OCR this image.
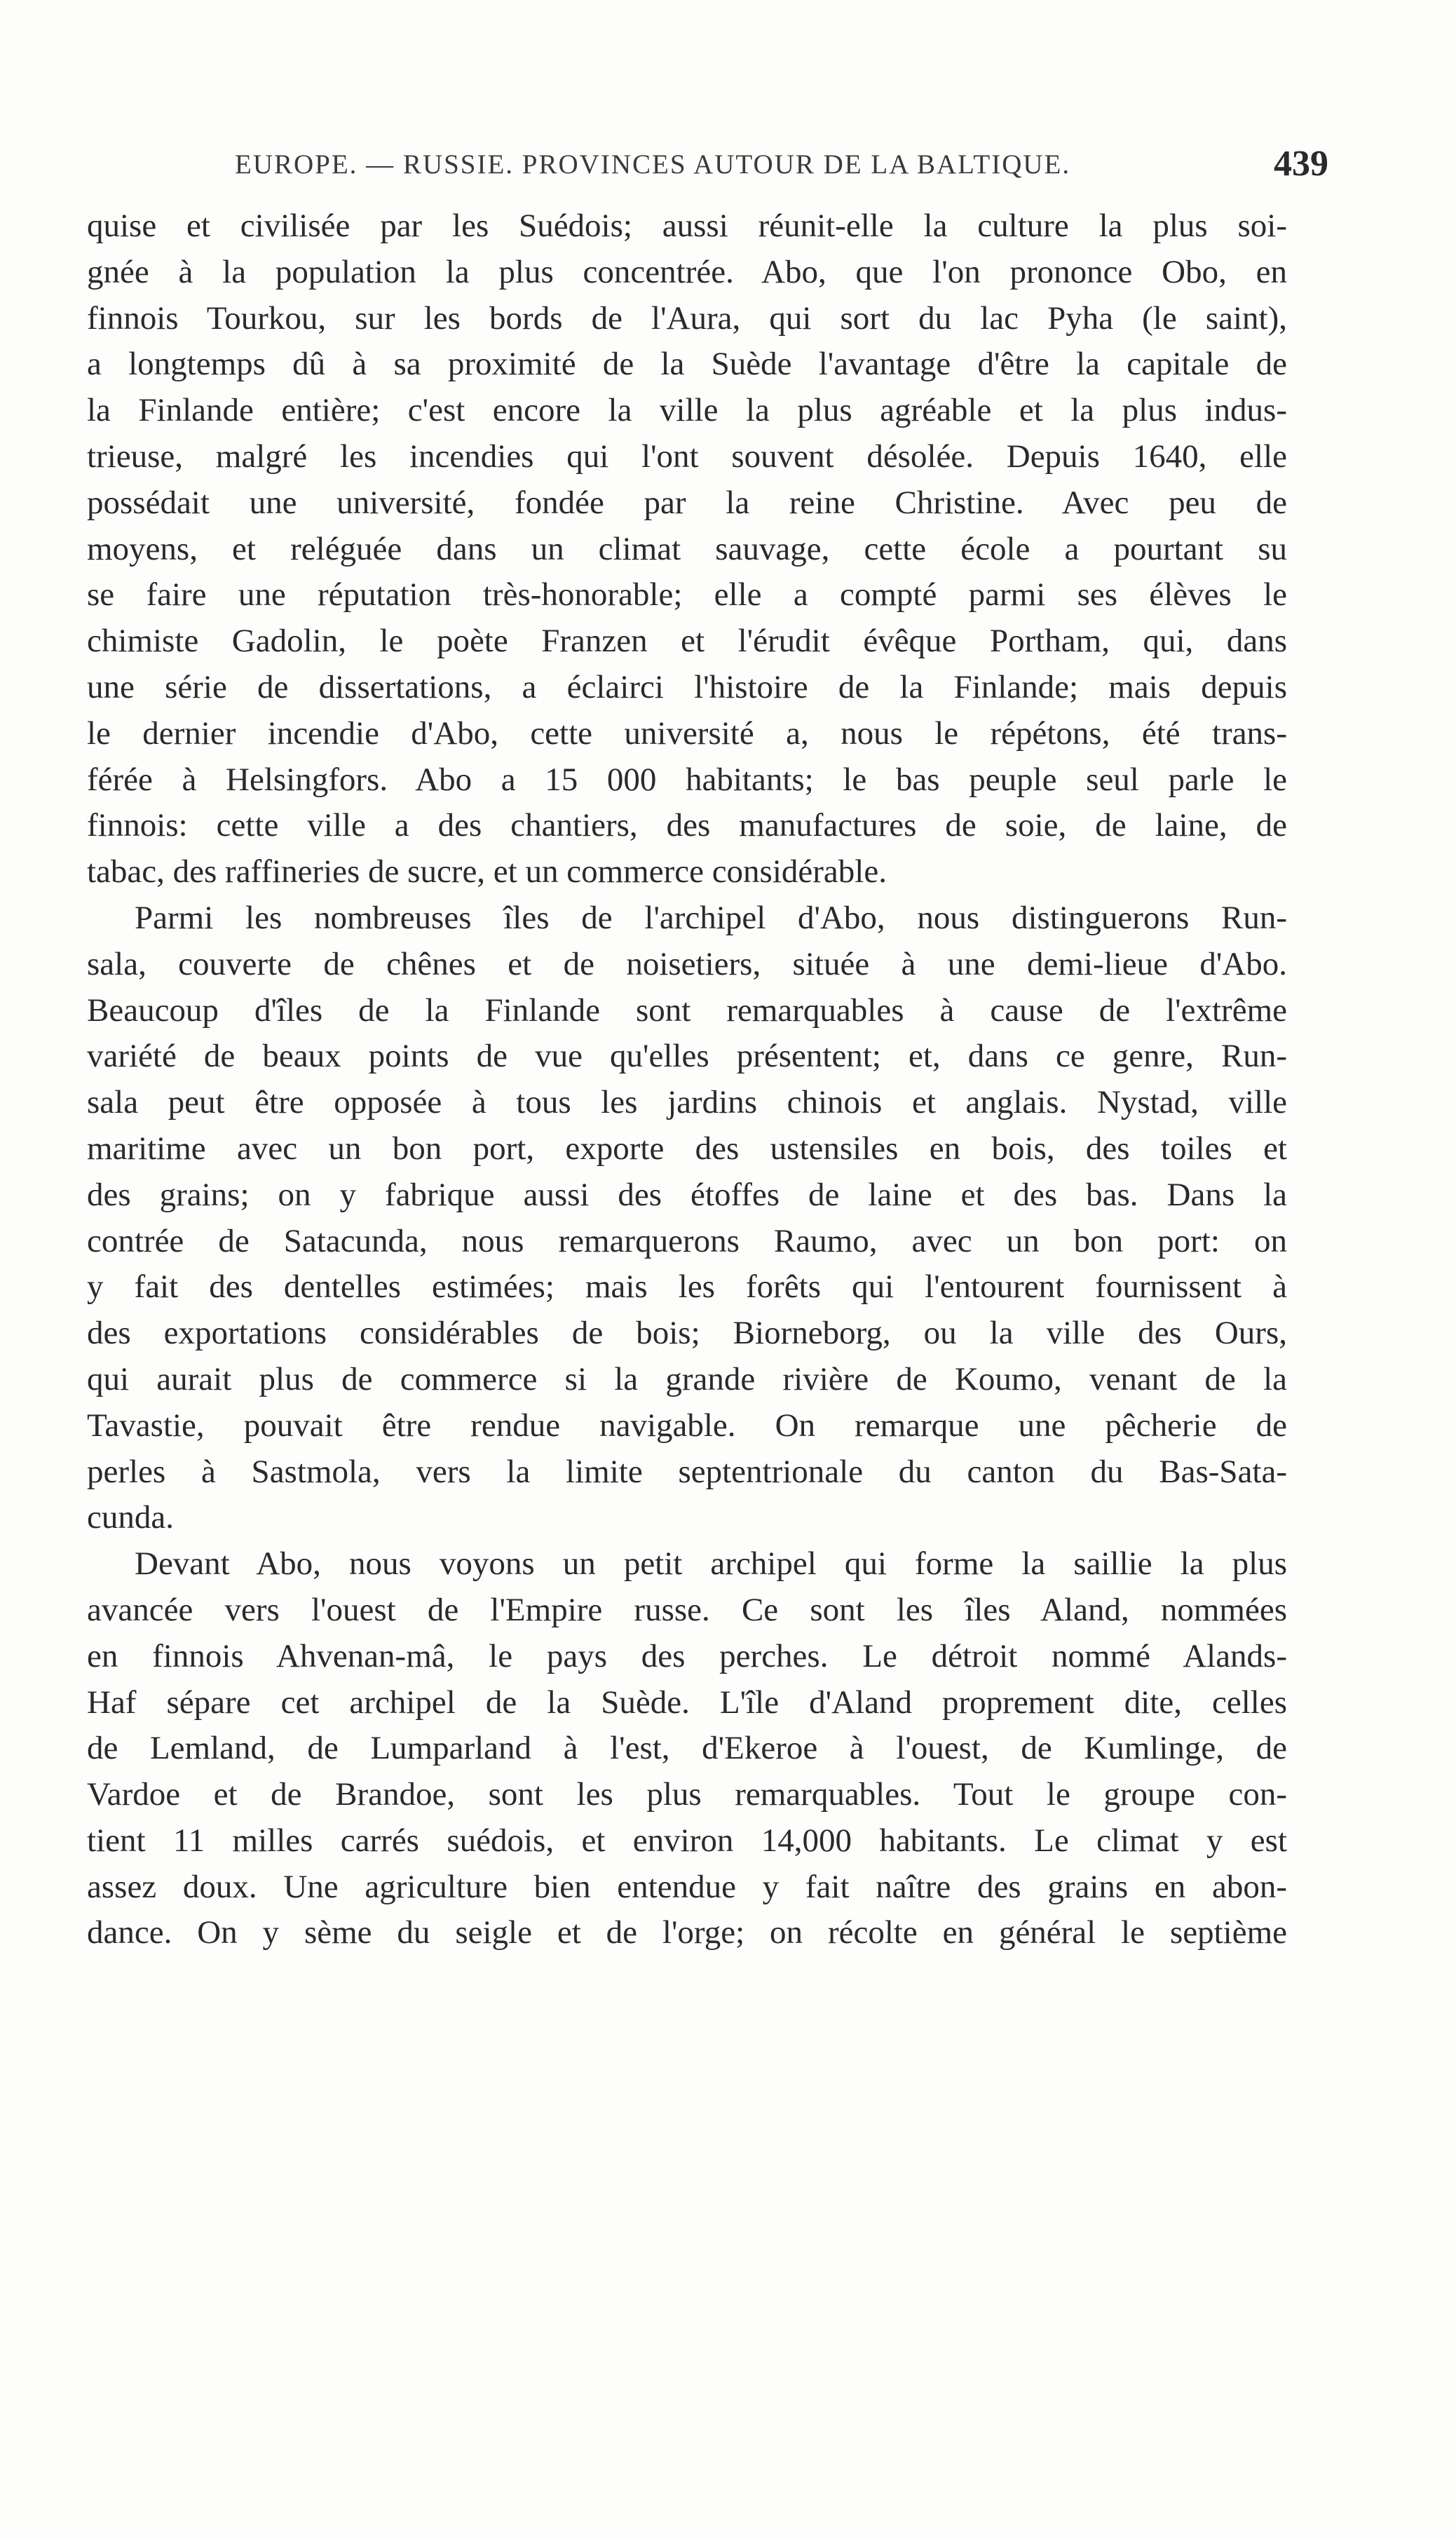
EUROPE. — RUSSIE. PROVINCES AUTOUR DE LA BALTIQUE.	439
quise et civilisée par les Suédois; aussi réunit-elle la culture la plus soi-
gnée à la population la plus concentrée. Abo, que l'on prononce Obo, en
finnois Tourkou, sur les bords de l'Aura, qui sort du lac Pyha (le saint),
a longtemps dû à sa proximité de la Suède l'avantage d'être la capitale de
la Finlande entière; c'est encore la ville la plus agréable et la plus indus-
trieuse, malgré les incendies qui l'ont souvent désolée. Depuis 1640, elle
possédait une université, fondée par la reine Christine. Avec peu de
moyens, et reléguée dans un climat sauvage, cette école a pourtant su
se faire une réputation très-honorable; elle a compté parmi ses élèves le
chimiste Gadolin, le poète Franzen et l'érudit évêque Portham, qui, dans
une série de dissertations, a éclairci l'histoire de la Finlande; mais depuis
le dernier incendie d'Abo, cette université a, nous le répétons, été trans-
férée à Helsingfors. Abo a 15 000 habitants; le bas peuple seul parle le
finnois: cette ville a des chantiers, des manufactures de soie, de laine, de
tabac, des raffineries de sucre, et un commerce considérable.
Parmi les nombreuses îles de l'archipel d'Abo, nous distinguerons Run-
sala, couverte de chênes et de noisetiers, située à une demi-lieue d'Abo.
Beaucoup d'îles de la Finlande sont remarquables à cause de l'extrême
variété de beaux points de vue qu'elles présentent; et, dans ce genre, Run-
sala peut être opposée à tous les jardins chinois et anglais. Nystad, ville
maritime avec un bon port, exporte des ustensiles en bois, des toiles et
des grains; on y fabrique aussi des étoffes de laine et des bas. Dans la
contrée de Satacunda, nous remarquerons Raumo, avec un bon port: on
y fait des dentelles estimées; mais les forêts qui l'entourent fournissent à
des exportations considérables de bois; Biorneborg, ou la ville des Ours,
qui aurait plus de commerce si la grande rivière de Koumo, venant de la
Tavastie, pouvait être rendue navigable. On remarque une pêcherie de
perles à Sastmola, vers la limite septentrionale du canton du Bas-Sata-
cunda.
Devant Abo, nous voyons un petit archipel qui forme la saillie la plus
avancée vers l'ouest de l'Empire russe. Ce sont les îles Aland, nommées
en finnois Ahvenan-mâ, le pays des perches. Le détroit nommé Alands-
Haf sépare cet archipel de la Suède. L'île d'Aland proprement dite, celles
de Lemland, de Lumparland à l'est, d'Ekeroe à l'ouest, de Kumlinge, de
Vardoe et de Brandoe, sont les plus remarquables. Tout le groupe con-
tient 11 milles carrés suédois, et environ 14,000 habitants. Le climat y est
assez doux. Une agriculture bien entendue y fait naître des grains en abon-
dance. On y sème du seigle et de l'orge; on récolte en général le septième
